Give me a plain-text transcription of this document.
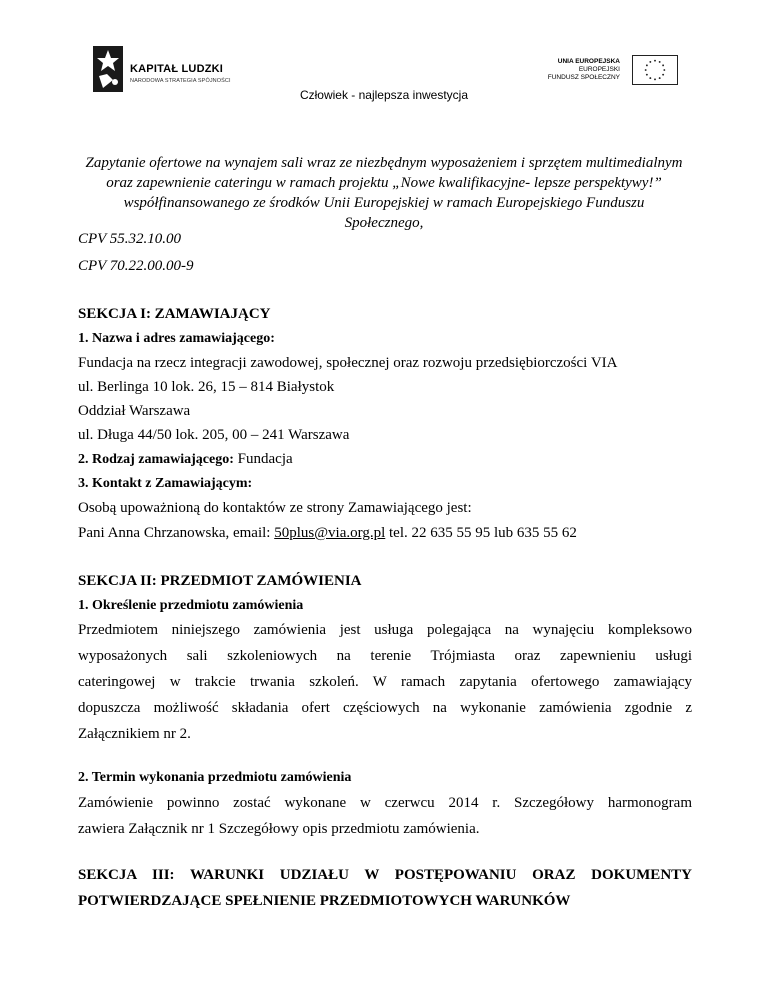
KAPITAŁ LUDZKI
NARODOWA STRATEGIA SPÓJNOŚCI
UNIA EUROPEJSKA
EUROPEJSKI
FUNDUSZ SPOŁECZNY
Człowiek - najlepsza inwestycja
Zapytanie ofertowe na wynajem sali wraz ze niezbędnym wyposażeniem i sprzętem multimedialnym
oraz zapewnienie cateringu w ramach projektu „Nowe kwalifikacyjne- lepsze perspektywy!”
współfinansowanego ze środków Unii Europejskiej w ramach Europejskiego Funduszu
Społecznego,
CPV 55.32.10.00
CPV 70.22.00.00-9
SEKCJA I: ZAMAWIAJĄCY
1. Nazwa i adres zamawiającego:
Fundacja na rzecz integracji zawodowej, społecznej oraz rozwoju przedsiębiorczości VIA
ul. Berlinga 10 lok. 26, 15 – 814 Białystok
Oddział Warszawa
ul. Długa 44/50 lok. 205, 00 – 241 Warszawa
2. Rodzaj zamawiającego: Fundacja
3. Kontakt z Zamawiającym:
Osobą upoważnioną do kontaktów ze strony Zamawiającego jest:
Pani Anna Chrzanowska, email: 50plus@via.org.pl tel. 22 635 55 95 lub 635 55 62
SEKCJA II: PRZEDMIOT ZAMÓWIENIA
1. Określenie przedmiotu zamówienia
Przedmiotem niniejszego zamówienia jest usługa polegająca na wynajęciu kompleksowo
wyposażonych sali szkoleniowych na terenie Trójmiasta oraz zapewnieniu usługi
cateringowej w trakcie trwania szkoleń. W ramach zapytania ofertowego zamawiający
dopuszcza możliwość składania ofert częściowych na wykonanie zamówienia zgodnie z
Załącznikiem nr 2.
2. Termin wykonania przedmiotu zamówienia
Zamówienie powinno zostać wykonane w czerwcu 2014 r. Szczegółowy harmonogram
zawiera Załącznik nr 1 Szczegółowy opis przedmiotu zamówienia.
SEKCJA III: WARUNKI UDZIAŁU W POSTĘPOWANIU ORAZ DOKUMENTY
POTWIERDZAJĄCE SPEŁNIENIE PRZEDMIOTOWYCH WARUNKÓW
